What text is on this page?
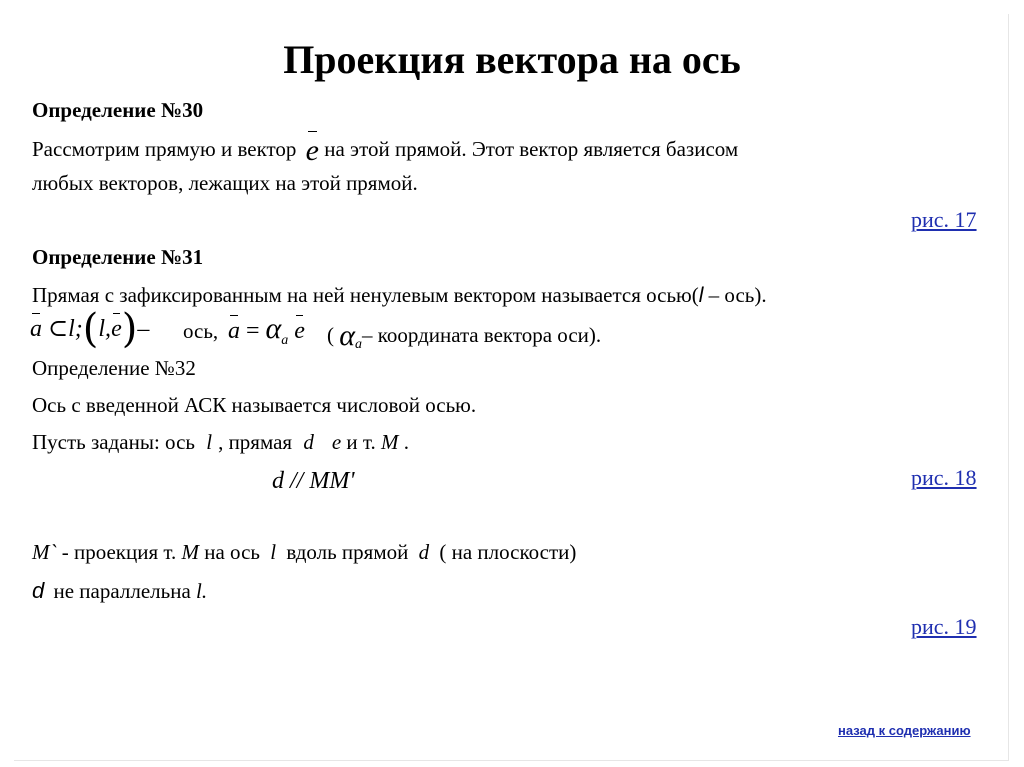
Проекция вектора на ось
Определение №30
Рассмотрим прямую и вектор e на этой прямой. Этот вектор является базисом
любых векторов, лежащих на этой прямой.
рис. 17
Определение №31
Прямая с зафиксированным на ней ненулевым вектором называется осью(l – ось).
a ⊂l;(l,e)– ось, $a = \alpha_a$ e ( $\alpha_a-$ координатa вектора оси).
Определение №32
Ось с введенной АСК называется числовой осью.
Пусть заданы: ось l , прямая d e и т. M .
d // MM'	рис. 18
M` - проекция т. M на ось l вдоль прямой d ( на плоскости)
d не параллельна l.
рис. 19
назад к содержанию
